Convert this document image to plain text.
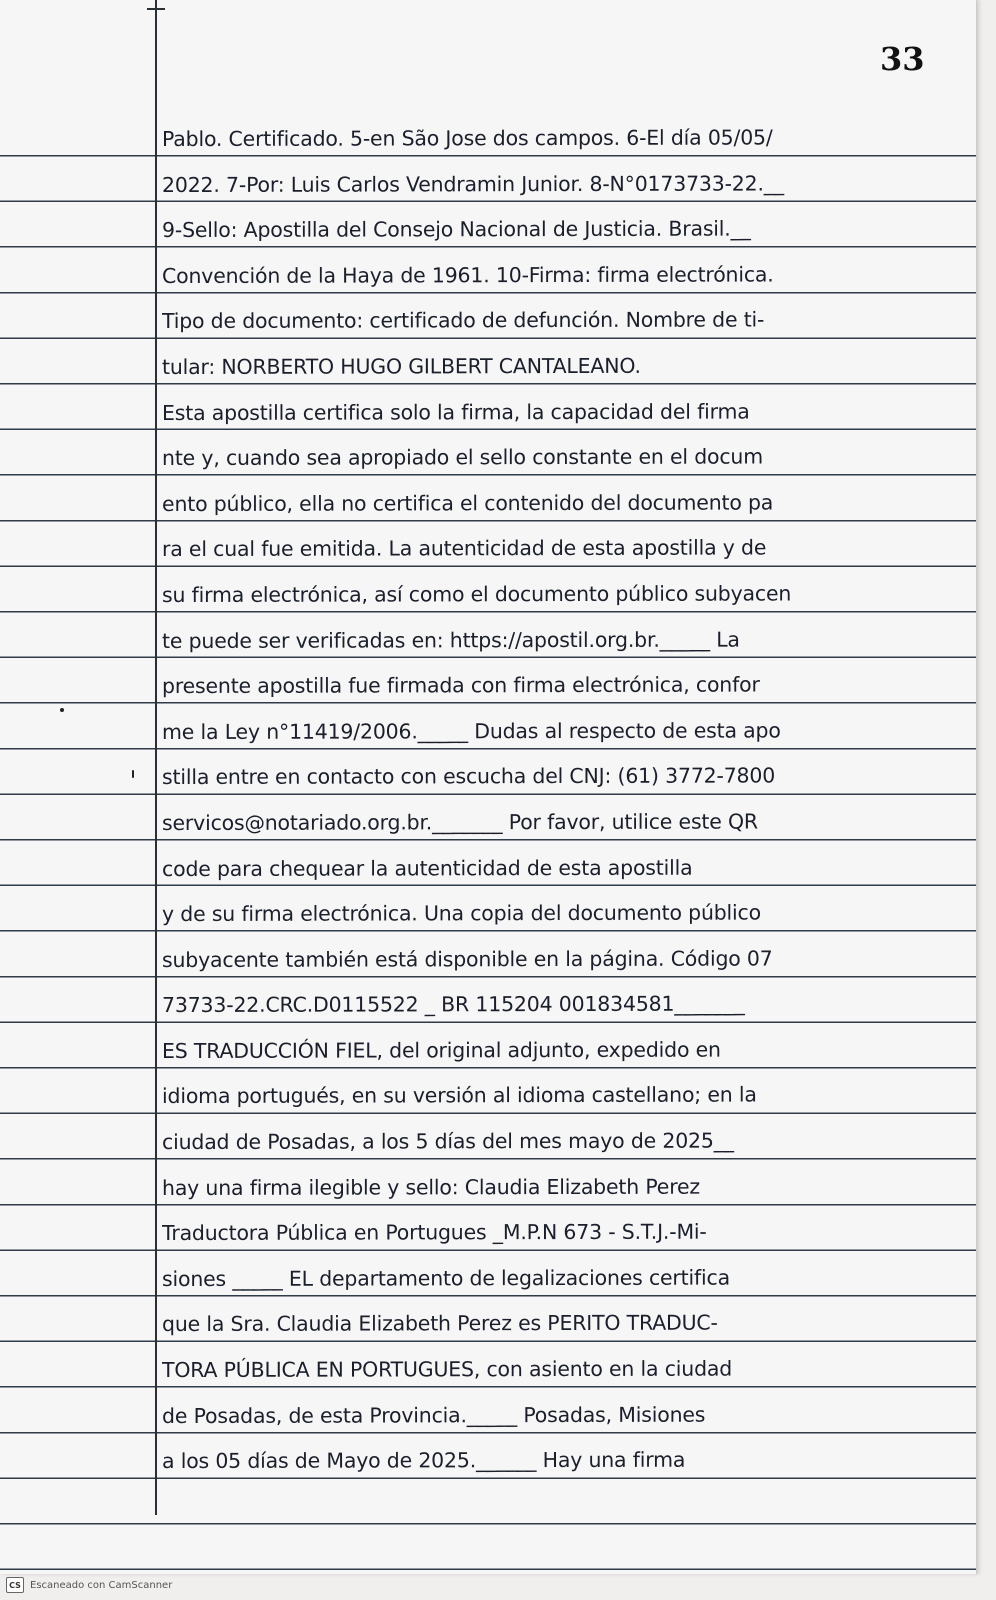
33
Pablo. Certificado. 5-en São Jose dos campos. 6-El día 05/05/
2022. 7-Por: Luis Carlos Vendramin Junior. 8-N°0173733-22.__
9-Sello: Apostilla del Consejo Nacional de Justicia. Brasil.__
Convención de la Haya de 1961. 10-Firma: firma electrónica.
Tipo de documento: certificado de defunción. Nombre de ti-
tular: NORBERTO HUGO GILBERT CANTALEANO.
Esta apostilla certifica solo la firma, la capacidad del firma
nte y, cuando sea apropiado el sello constante en el docum
ento público, ella no certifica el contenido del documento pa
ra el cual fue emitida. La autenticidad de esta apostilla y de
su firma electrónica, así como el documento público subyacen
te puede ser verificadas en: https://apostil.org.br._____ La
presente apostilla fue firmada con firma electrónica, confor
me la Ley n°11419/2006._____ Dudas al respecto de esta apo
stilla entre en contacto con escucha del CNJ: (61) 3772-7800
servicos@notariado.org.br._______ Por favor, utilice este QR
code para chequear la autenticidad de esta apostilla
y de su firma electrónica. Una copia del documento público
subyacente también está disponible en la página. Código 07
73733-22.CRC.D0115522 _ BR 115204 001834581_______
ES TRADUCCIÓN FIEL, del original adjunto, expedido en
idioma portugués, en su versión al idioma castellano; en la
ciudad de Posadas, a los 5 días del mes mayo de 2025__
hay una firma ilegible y sello: Claudia Elizabeth Perez
Traductora Pública en Portugues _M.P.N 673 - S.T.J.-Mi-
siones _____ EL departamento de legalizaciones certifica
que la Sra. Claudia Elizabeth Perez es PERITO TRADUC-
TORA PÚBLICA EN PORTUGUES, con asiento en la ciudad
de Posadas, de esta Provincia._____ Posadas, Misiones
a los 05 días de Mayo de 2025.______ Hay una firma
CS Escaneado con CamScanner
